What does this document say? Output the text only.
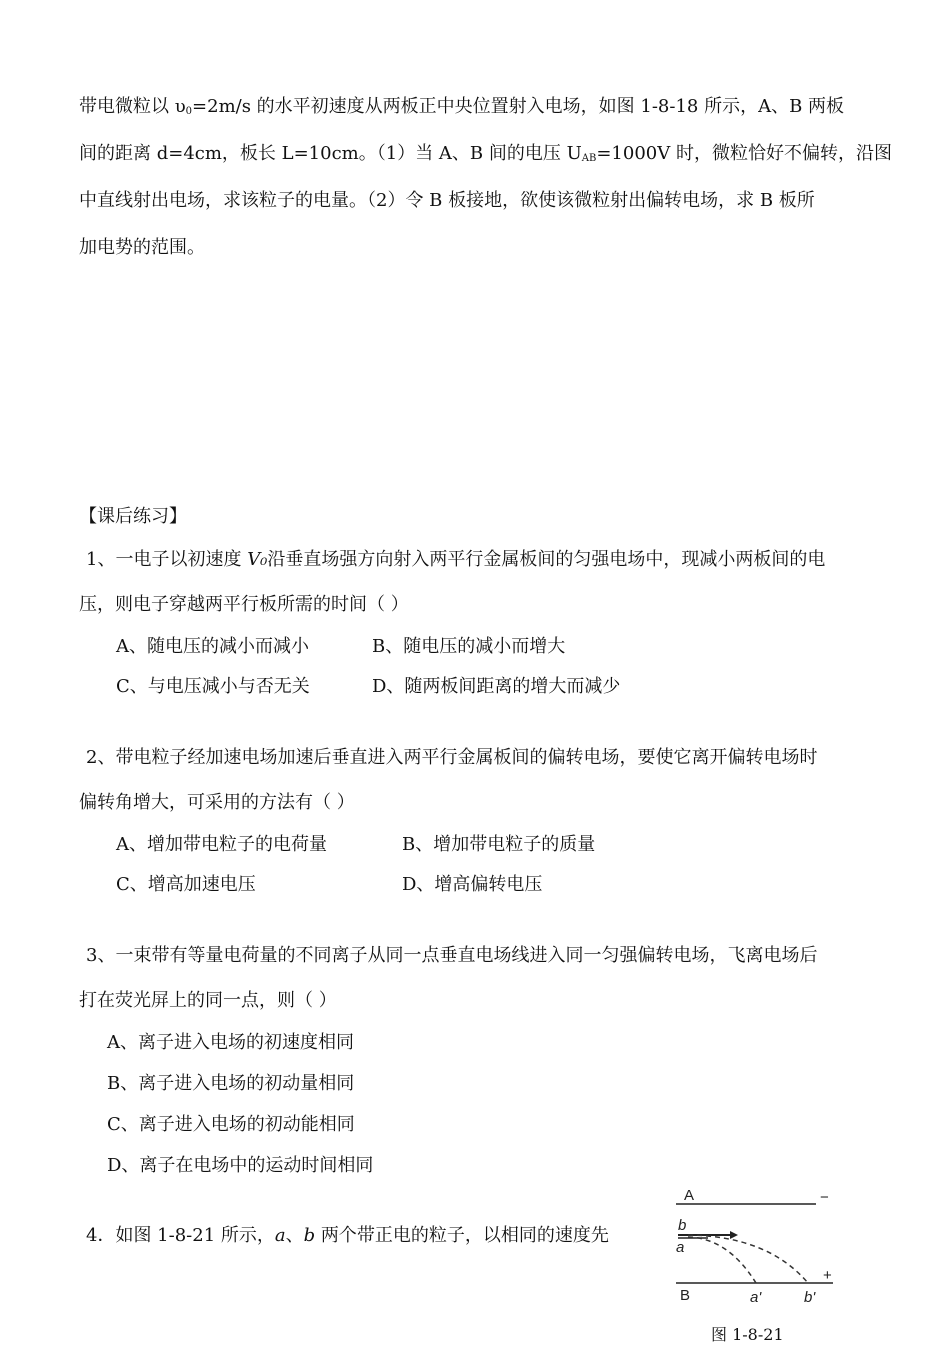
带电微粒以 $\upsilon_0=2m/s$ 的水平初速度从两板正中央位置射入电场，如图 1-8-18 所示，A、B 两板
间的距离 d=4cm，板长 L=10cm。（1）当 A、B 间的电压 $U_{AB}=1000V$ 时，微粒恰好不偏转，沿图
中直线射出电场，求该粒子的电量。（2）令 B 板接地，欲使该微粒射出偏转电场，求 B 板所
加电势的范围。
【课后练习】
1、一电子以初速度 V₀沿垂直场强方向射入两平行金属板间的匀强电场中，现减小两板间的电
压，则电子穿越两平行板所需的时间（ ）
A、随电压的减小而减小	B、随电压的减小而增大
C、与电压减小与否无关	D、随两板间距离的增大而减少
2、带电粒子经加速电场加速后垂直进入两平行金属板间的偏转电场，要使它离开偏转电场时
偏转角增大，可采用的方法有（ ）
A、增加带电粒子的电荷量	B、增加带电粒子的质量
C、增高加速电压	D、增高偏转电压
3、一束带有等量电荷量的不同离子从同一点垂直电场线进入同一匀强偏转电场，飞离电场后
打在荧光屏上的同一点，则（ ）
A、离子进入电场的初速度相同
B、离子进入电场的初动量相同
C、离子进入电场的初动能相同
D、离子在电场中的运动时间相同
4．如图 1-8-21 所示，a、b 两个带正电的粒子，以相同的速度先
A	−
B
+
b
a
a'	b'
图 1-8-21
